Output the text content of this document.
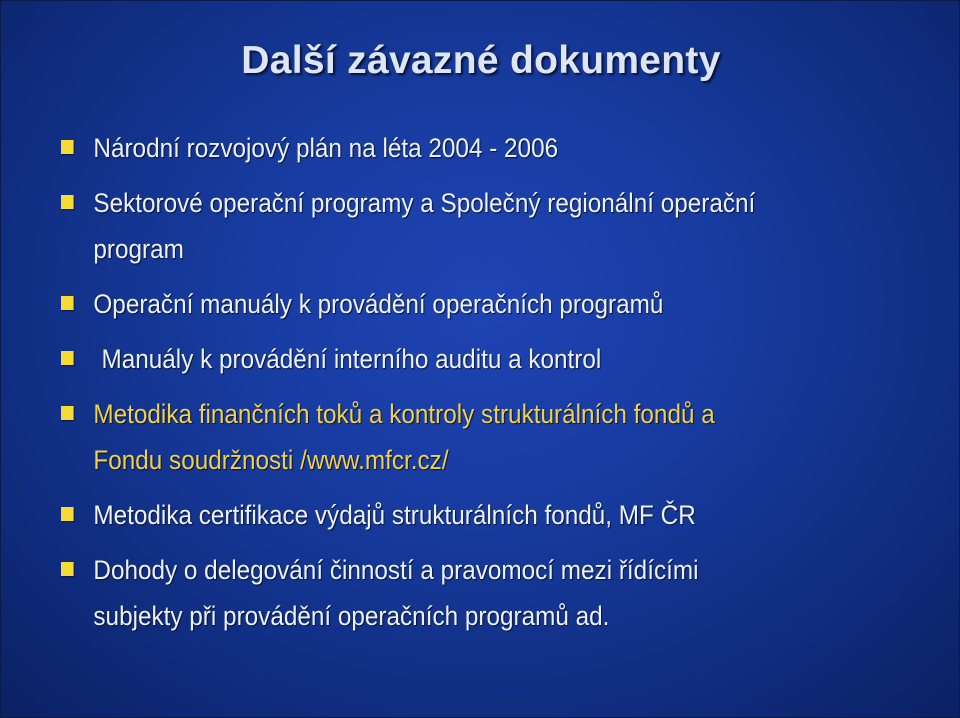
Další závazné dokumenty
Národní rozvojový plán na léta 2004 - 2006
Sektorové operační programy a Společný regionální operační
program
Operační manuály k provádění operačních programů
Manuály k provádění interního auditu a kontrol
Metodika finančních toků a kontroly strukturálních fondů a
Fondu soudržnosti /www.mfcr.cz/
Metodika certifikace výdajů strukturálních fondů, MF ČR
Dohody o delegování činností a pravomocí mezi řídícími
subjekty při provádění operačních programů ad.
